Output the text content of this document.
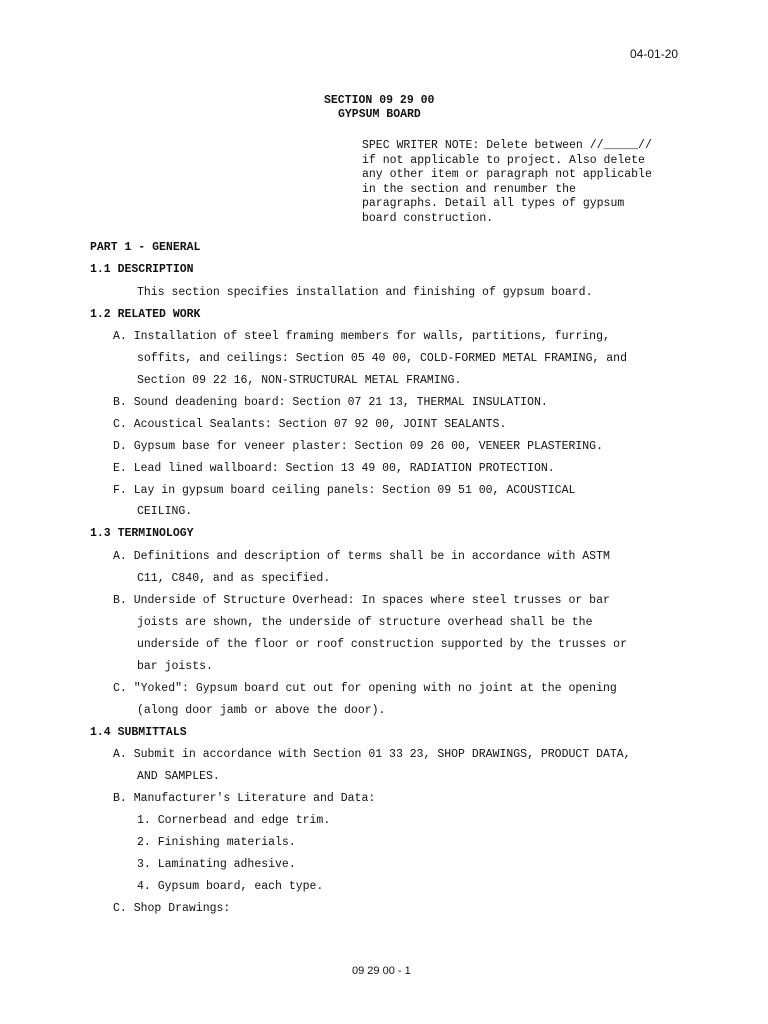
04-01-20
SECTION 09 29 00
GYPSUM BOARD
SPEC WRITER NOTE: Delete between //_____//
if not applicable to project. Also delete
any other item or paragraph not applicable
in the section and renumber the
paragraphs. Detail all types of gypsum
board construction.
PART 1 - GENERAL
1.1 DESCRIPTION
This section specifies installation and finishing of gypsum board.
1.2 RELATED WORK
A. Installation of steel framing members for walls, partitions, furring,
soffits, and ceilings: Section 05 40 00, COLD-FORMED METAL FRAMING, and
Section 09 22 16, NON-STRUCTURAL METAL FRAMING.
B. Sound deadening board: Section 07 21 13, THERMAL INSULATION.
C. Acoustical Sealants: Section 07 92 00, JOINT SEALANTS.
D. Gypsum base for veneer plaster: Section 09 26 00, VENEER PLASTERING.
E. Lead lined wallboard: Section 13 49 00, RADIATION PROTECTION.
F. Lay in gypsum board ceiling panels: Section 09 51 00, ACOUSTICAL
CEILING.
1.3 TERMINOLOGY
A. Definitions and description of terms shall be in accordance with ASTM
C11, C840, and as specified.
B. Underside of Structure Overhead: In spaces where steel trusses or bar
joists are shown, the underside of structure overhead shall be the
underside of the floor or roof construction supported by the trusses or
bar joists.
C. "Yoked": Gypsum board cut out for opening with no joint at the opening
(along door jamb or above the door).
1.4 SUBMITTALS
A. Submit in accordance with Section 01 33 23, SHOP DRAWINGS, PRODUCT DATA,
AND SAMPLES.
B. Manufacturer's Literature and Data:
1. Cornerbead and edge trim.
2. Finishing materials.
3. Laminating adhesive.
4. Gypsum board, each type.
C. Shop Drawings:
09 29 00 - 1
